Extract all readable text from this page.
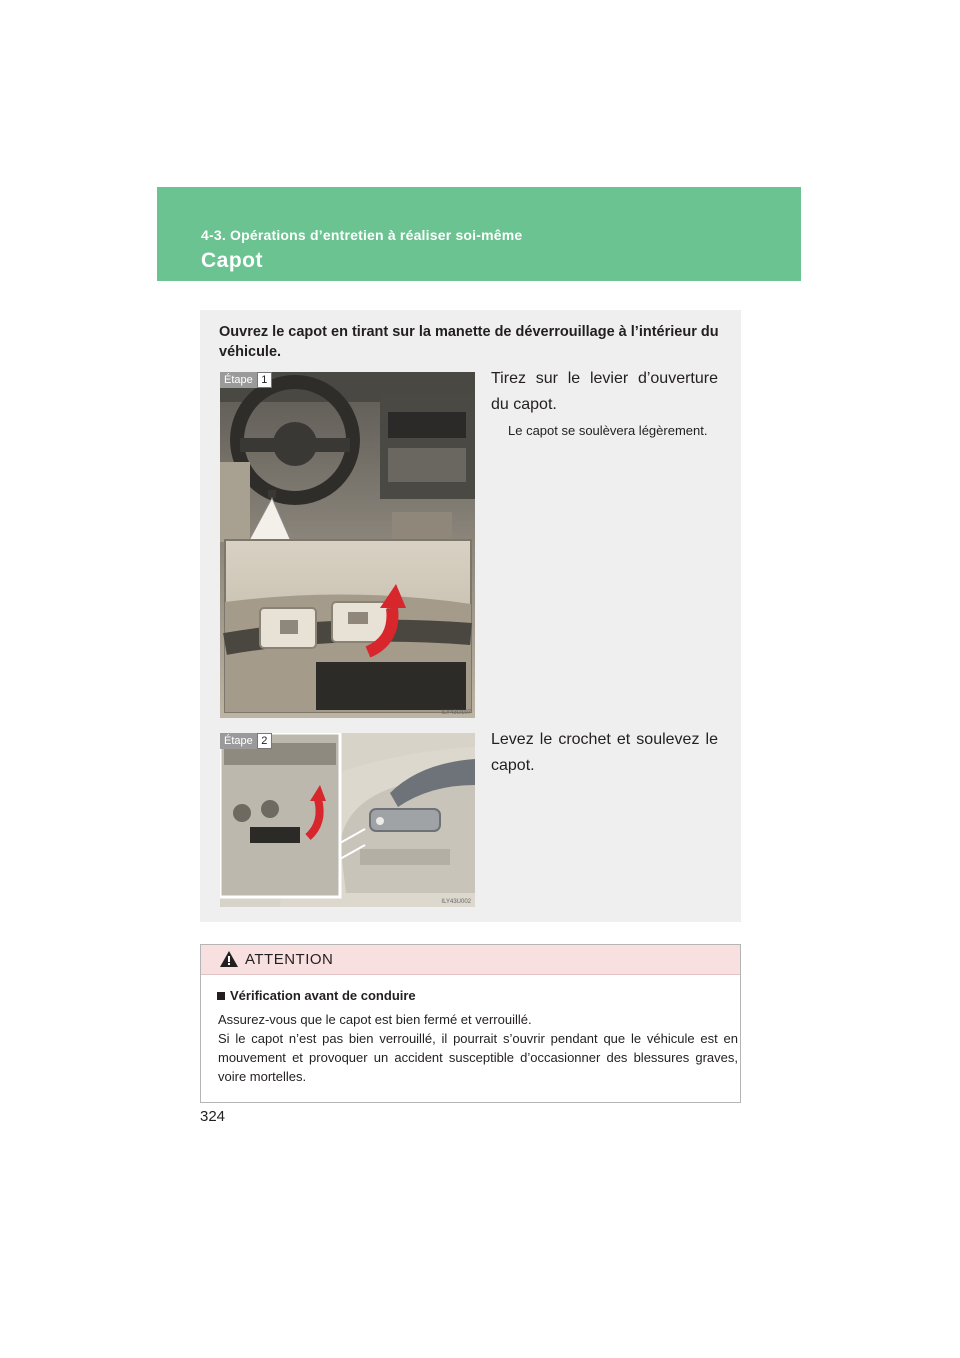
4-3. Opérations d’entretien à réaliser soi-même
Capot
Ouvrez le capot en tirant sur la manette de déverrouillage à l’intérieur du véhicule.
Étape 1
ILY43U107
Tirez sur le levier d’ouverture du capot.
Le capot se soulèvera légèrement.
Étape 2
ILY43U002
Levez le crochet et soulevez le capot.
ATTENTION
Vérification avant de conduire

Assurez-vous que le capot est bien fermé et verrouillé.

Si le capot n’est pas bien verrouillé, il pourrait s’ouvrir pendant que le véhicule est en mouvement et provoquer un accident susceptible d’occasionner des blessures graves, voire mortelles.

324
